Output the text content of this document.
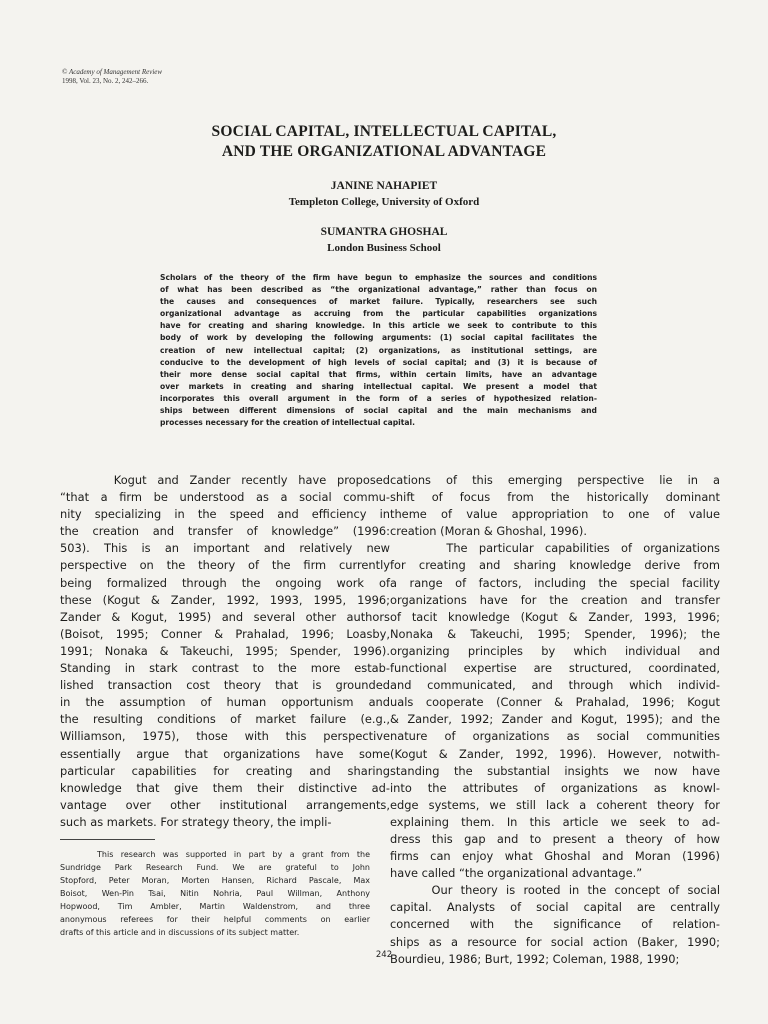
© Academy of Management Review
1998, Vol. 23, No. 2, 242–266.
SOCIAL CAPITAL, INTELLECTUAL CAPITAL,
AND THE ORGANIZATIONAL ADVANTAGE
JANINE NAHAPIET
Templeton College, University of Oxford
SUMANTRA GHOSHAL
London Business School
Scholars of the theory of the firm have begun to emphasize the sources and conditions
of what has been described as “the organizational advantage,” rather than focus on
the causes and consequences of market failure. Typically, researchers see such
organizational advantage as accruing from the particular capabilities organizations
have for creating and sharing knowledge. In this article we seek to contribute to this
body of work by developing the following arguments: (1) social capital facilitates the
creation of new intellectual capital; (2) organizations, as institutional settings, are
conducive to the development of high levels of social capital; and (3) it is because of
their more dense social capital that firms, within certain limits, have an advantage
over markets in creating and sharing intellectual capital. We present a model that
incorporates this overall argument in the form of a series of hypothesized relation-
ships between different dimensions of social capital and the main mechanisms and
processes necessary for the creation of intellectual capital.
Kogut and Zander recently have proposed
“that a firm be understood as a social commu-
nity specializing in the speed and efficiency in
the creation and transfer of knowledge” (1996:
503). This is an important and relatively new
perspective on the theory of the firm currently
being formalized through the ongoing work of
these (Kogut & Zander, 1992, 1993, 1995, 1996;
Zander & Kogut, 1995) and several other authors
(Boisot, 1995; Conner & Prahalad, 1996; Loasby,
1991; Nonaka & Takeuchi, 1995; Spender, 1996).
Standing in stark contrast to the more estab-
lished transaction cost theory that is grounded
in the assumption of human opportunism and
the resulting conditions of market failure (e.g.,
Williamson, 1975), those with this perspective
essentially argue that organizations have some
particular capabilities for creating and sharing
knowledge that give them their distinctive ad-
vantage over other institutional arrangements,
such as markets. For strategy theory, the impli-
This research was supported in part by a grant from the
Sundridge Park Research Fund. We are grateful to John
Stopford, Peter Moran, Morten Hansen, Richard Pascale, Max
Boisot, Wen-Pin Tsai, Nitin Nohria, Paul Willman, Anthony
Hopwood, Tim Ambler, Martin Waldenstrom, and three
anonymous referees for their helpful comments on earlier
drafts of this article and in discussions of its subject matter.
cations of this emerging perspective lie in a
shift of focus from the historically dominant
theme of value appropriation to one of value
creation (Moran & Ghoshal, 1996).
The particular capabilities of organizations
for creating and sharing knowledge derive from
a range of factors, including the special facility
organizations have for the creation and transfer
of tacit knowledge (Kogut & Zander, 1993, 1996;
Nonaka & Takeuchi, 1995; Spender, 1996); the
organizing principles by which individual and
functional expertise are structured, coordinated,
and communicated, and through which individ-
uals cooperate (Conner & Prahalad, 1996; Kogut
& Zander, 1992; Zander and Kogut, 1995); and the
nature of organizations as social communities
(Kogut & Zander, 1992, 1996). However, notwith-
standing the substantial insights we now have
into the attributes of organizations as knowl-
edge systems, we still lack a coherent theory for
explaining them. In this article we seek to ad-
dress this gap and to present a theory of how
firms can enjoy what Ghoshal and Moran (1996)
have called “the organizational advantage.”
Our theory is rooted in the concept of social
capital. Analysts of social capital are centrally
concerned with the significance of relation-
ships as a resource for social action (Baker, 1990;
Bourdieu, 1986; Burt, 1992; Coleman, 1988, 1990;
242
